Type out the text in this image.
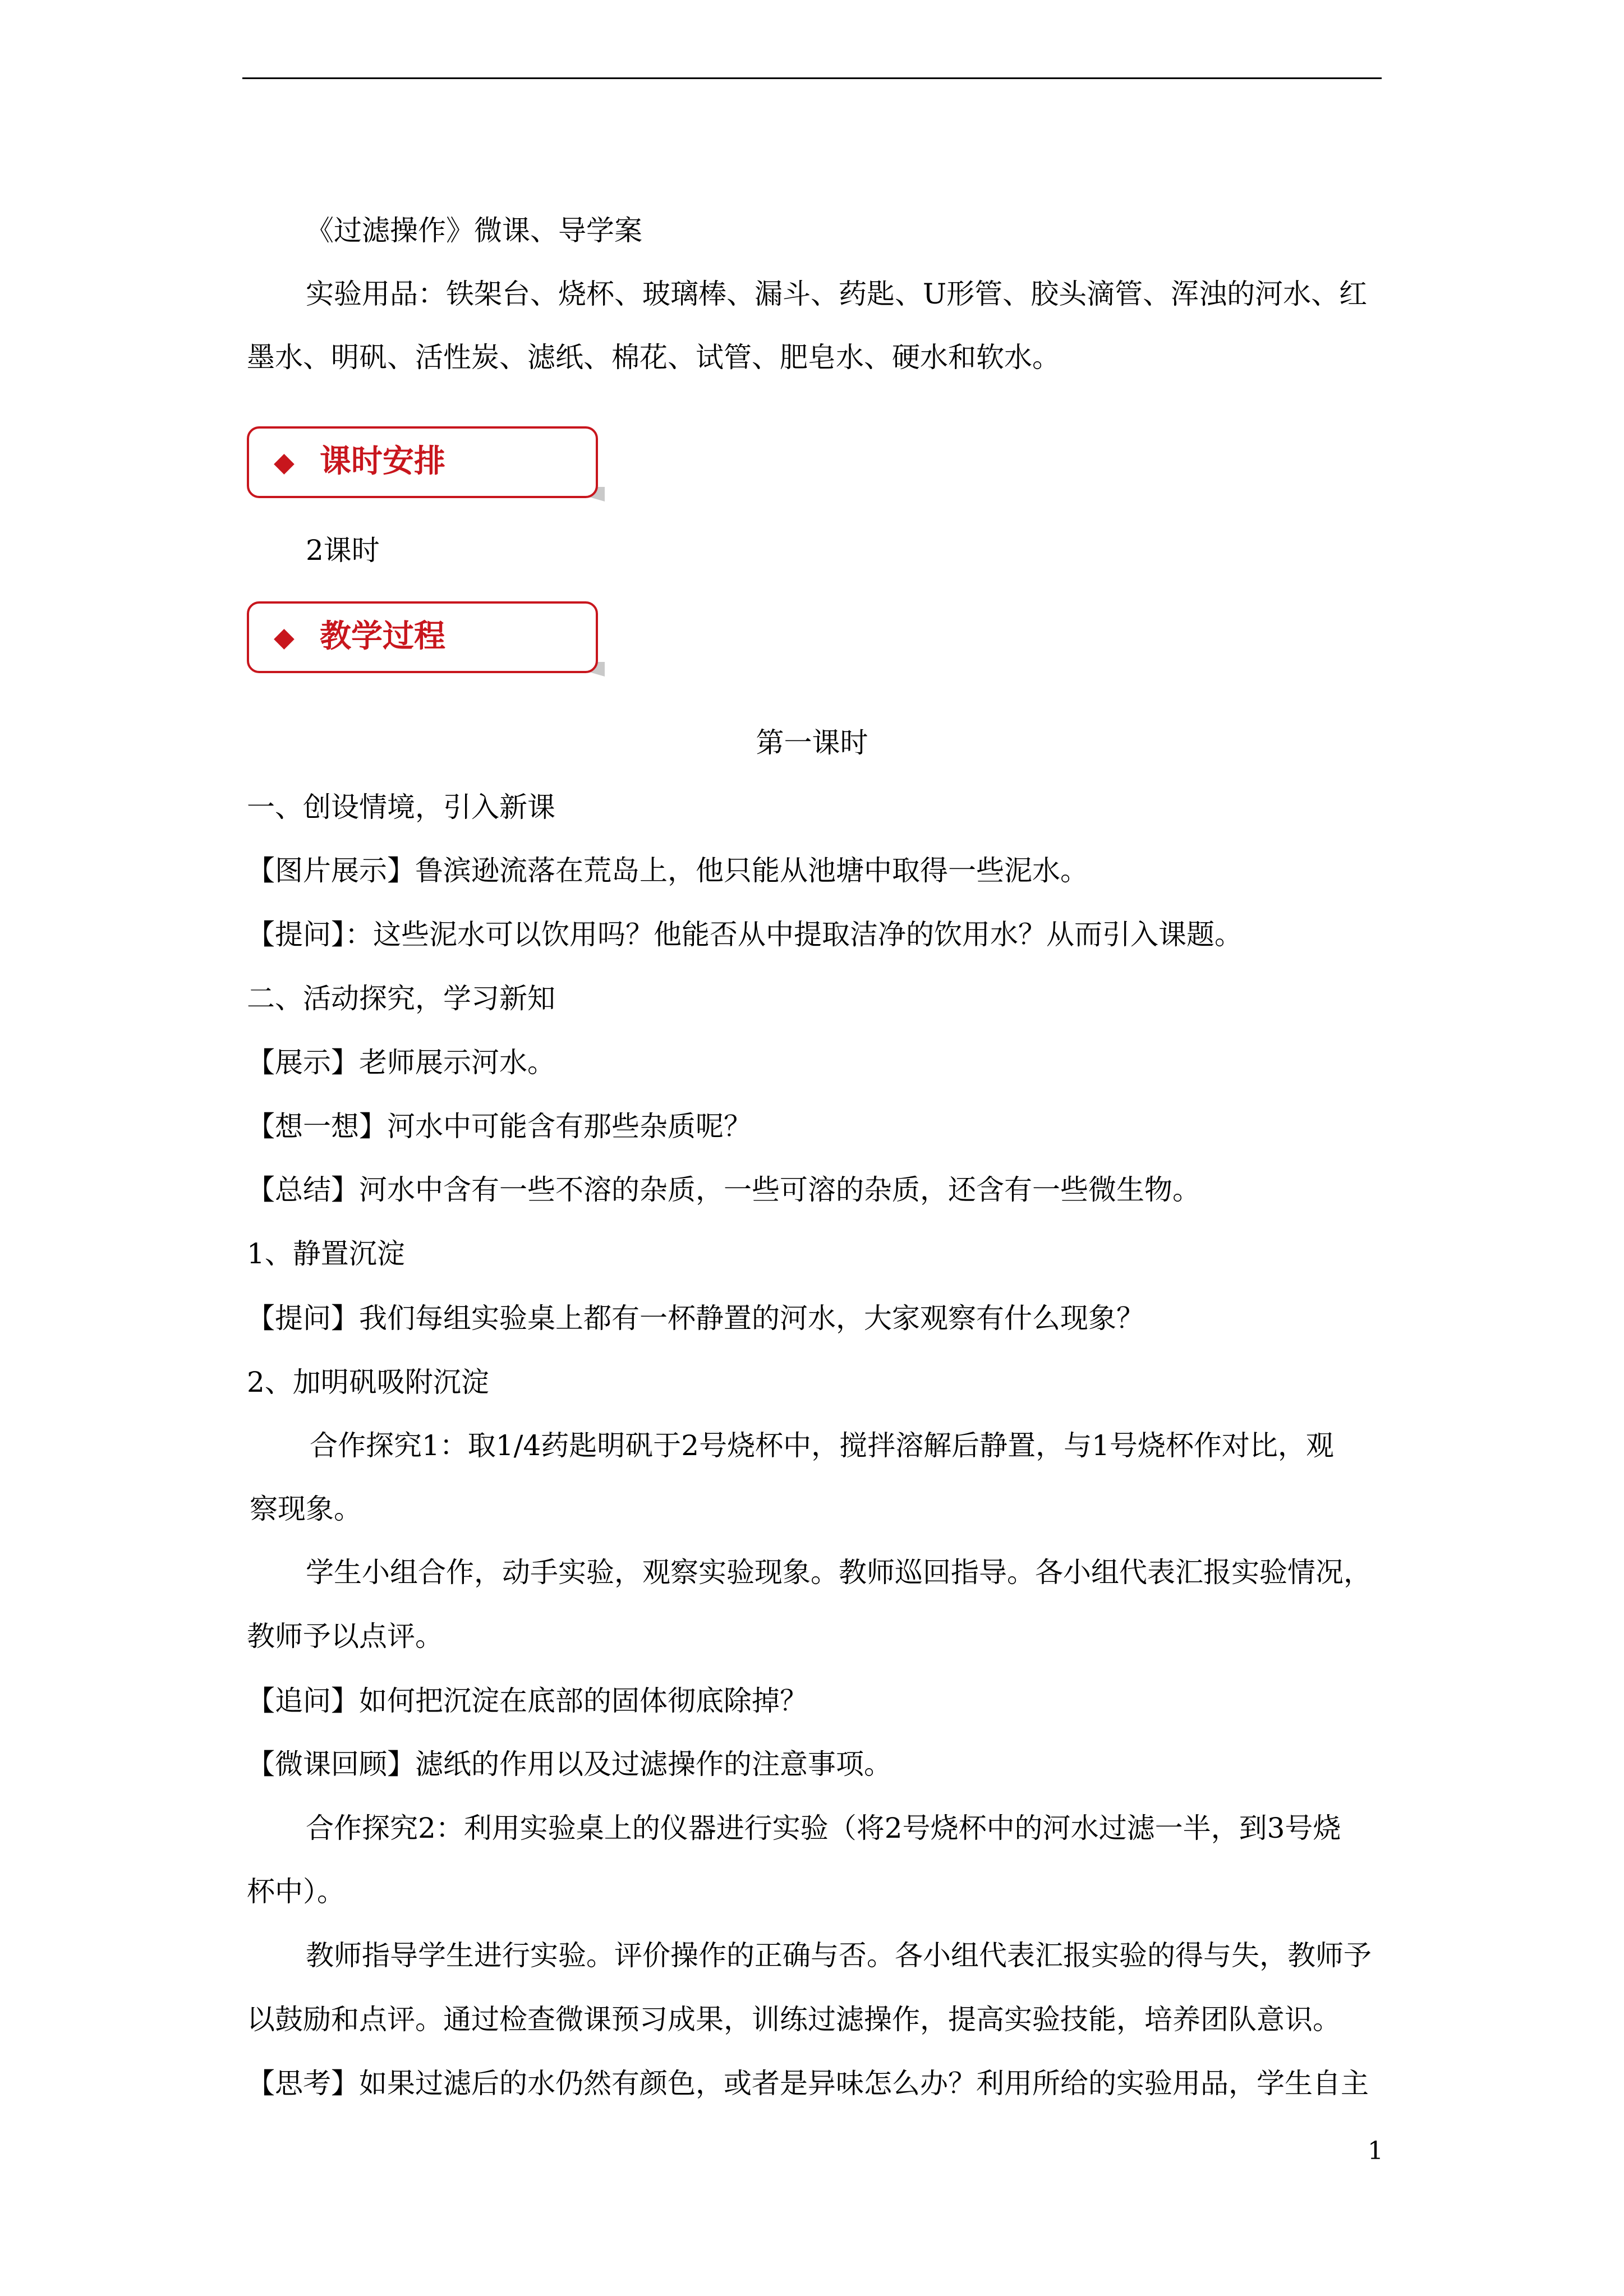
《过滤操作》微课、导学案
实验用品：铁架台、烧杯、玻璃棒、漏斗、药匙、U形管、胶头滴管、浑浊的河水、红
墨水、明矾、活性炭、滤纸、棉花、试管、肥皂水、硬水和软水。
◆ 课时安排
2课时
◆ 教学过程
第一课时
一、创设情境，引入新课
【图片展示】鲁滨逊流落在荒岛上，他只能从池塘中取得一些泥水。
【提问】：这些泥水可以饮用吗？他能否从中提取洁净的饮用水？从而引入课题。
二、活动探究，学习新知
【展示】老师展示河水。
【想一想】河水中可能含有那些杂质呢？
【总结】河水中含有一些不溶的杂质，一些可溶的杂质，还含有一些微生物。
1、静置沉淀
【提问】我们每组实验桌上都有一杯静置的河水，大家观察有什么现象？
2、加明矾吸附沉淀
合作探究1：取1/4药匙明矾于2号烧杯中，搅拌溶解后静置，与1号烧杯作对比，观
察现象。
学生小组合作，动手实验，观察实验现象。教师巡回指导。各小组代表汇报实验情况，
教师予以点评。
【追问】如何把沉淀在底部的固体彻底除掉？
【微课回顾】滤纸的作用以及过滤操作的注意事项。
合作探究2：利用实验桌上的仪器进行实验（将2号烧杯中的河水过滤一半，到3号烧
杯中）。
教师指导学生进行实验。评价操作的正确与否。各小组代表汇报实验的得与失，教师予
以鼓励和点评。通过检查微课预习成果，训练过滤操作，提高实验技能，培养团队意识。
【思考】如果过滤后的水仍然有颜色，或者是异味怎么办？利用所给的实验用品，学生自主
1
